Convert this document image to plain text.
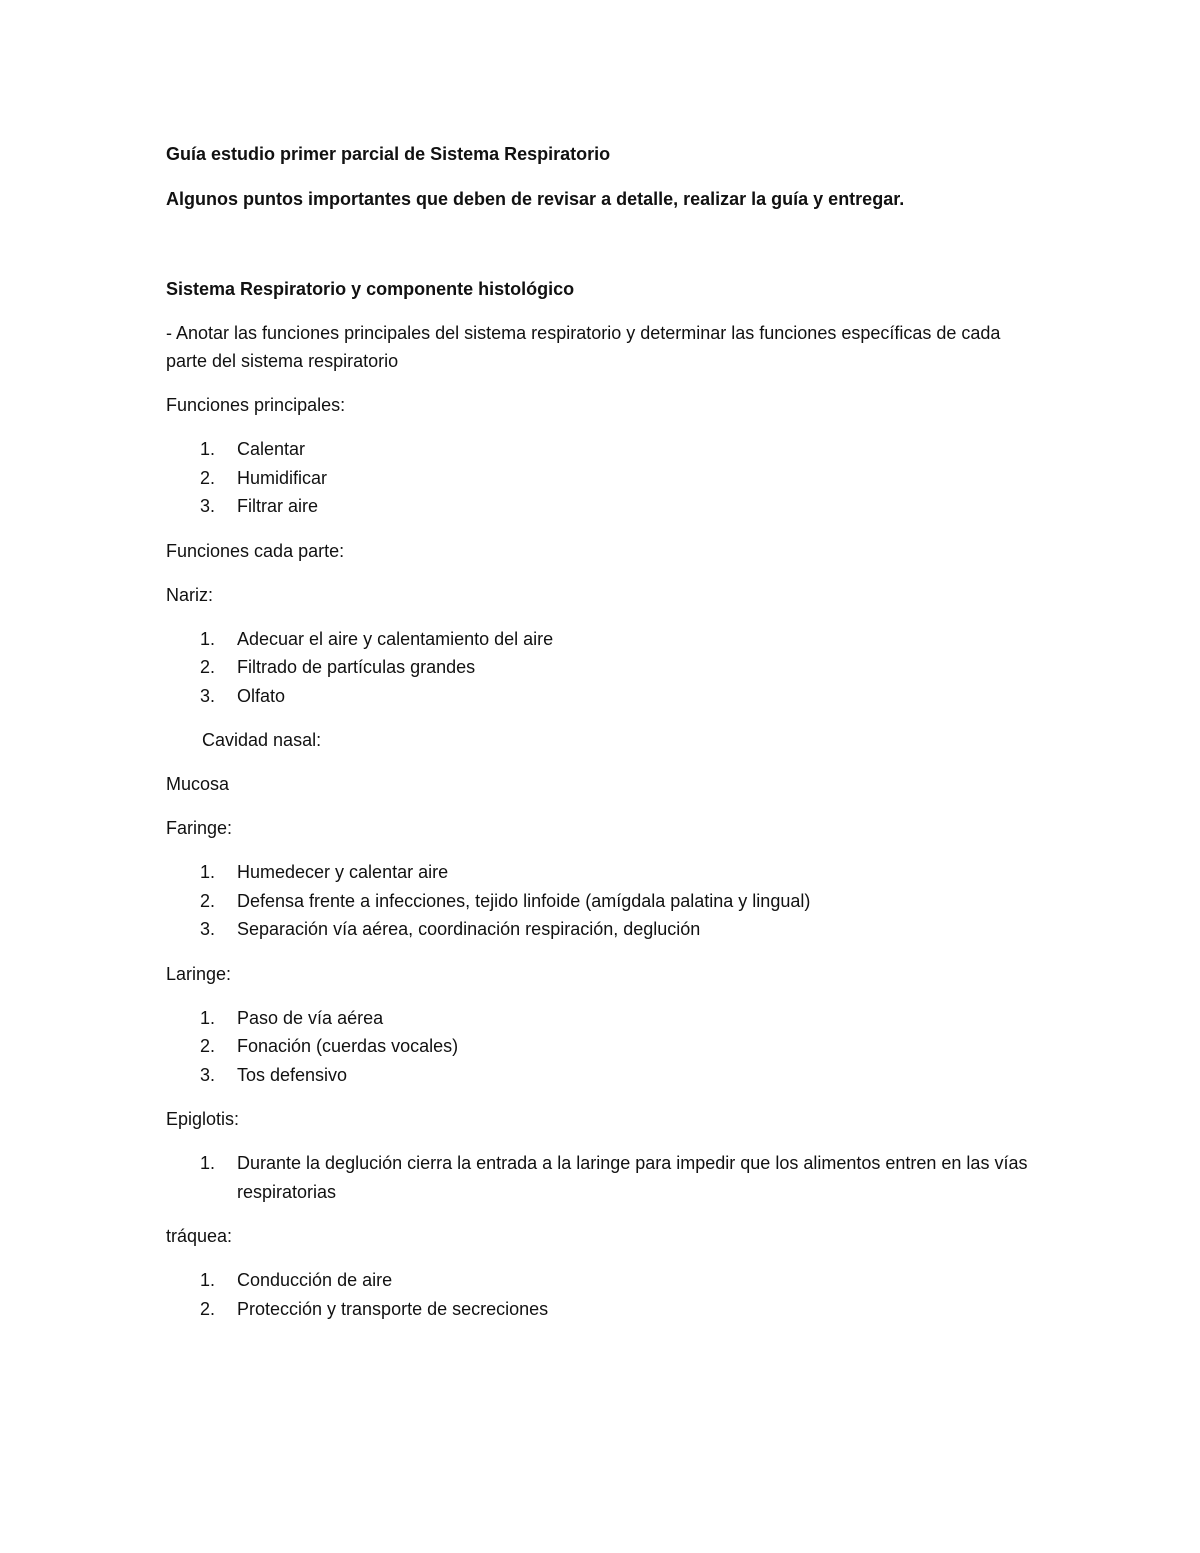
Guía estudio primer parcial de Sistema Respiratorio

Algunos puntos importantes que deben de revisar a detalle, realizar la guía y entregar.

Sistema Respiratorio y componente histológico

- Anotar las funciones principales del sistema respiratorio y determinar las funciones específicas de cada parte del sistema respiratorio

Funciones principales:

1. Calentar
2. Humidificar
3. Filtrar aire

Funciones cada parte:

Nariz:

1. Adecuar el aire y calentamiento del aire
2. Filtrado de partículas grandes
3. Olfato

Cavidad nasal:

Mucosa

Faringe:

1. Humedecer y calentar aire
2. Defensa frente a infecciones, tejido linfoide (amígdala palatina y lingual)
3. Separación vía aérea, coordinación respiración, deglución

Laringe:

1. Paso de vía aérea
2. Fonación (cuerdas vocales)
3. Tos defensivo

Epiglotis:

1. Durante la deglución cierra la entrada a la laringe para impedir que los alimentos entren en las vías respiratorias

tráquea:

1. Conducción de aire
2. Protección y transporte de secreciones
